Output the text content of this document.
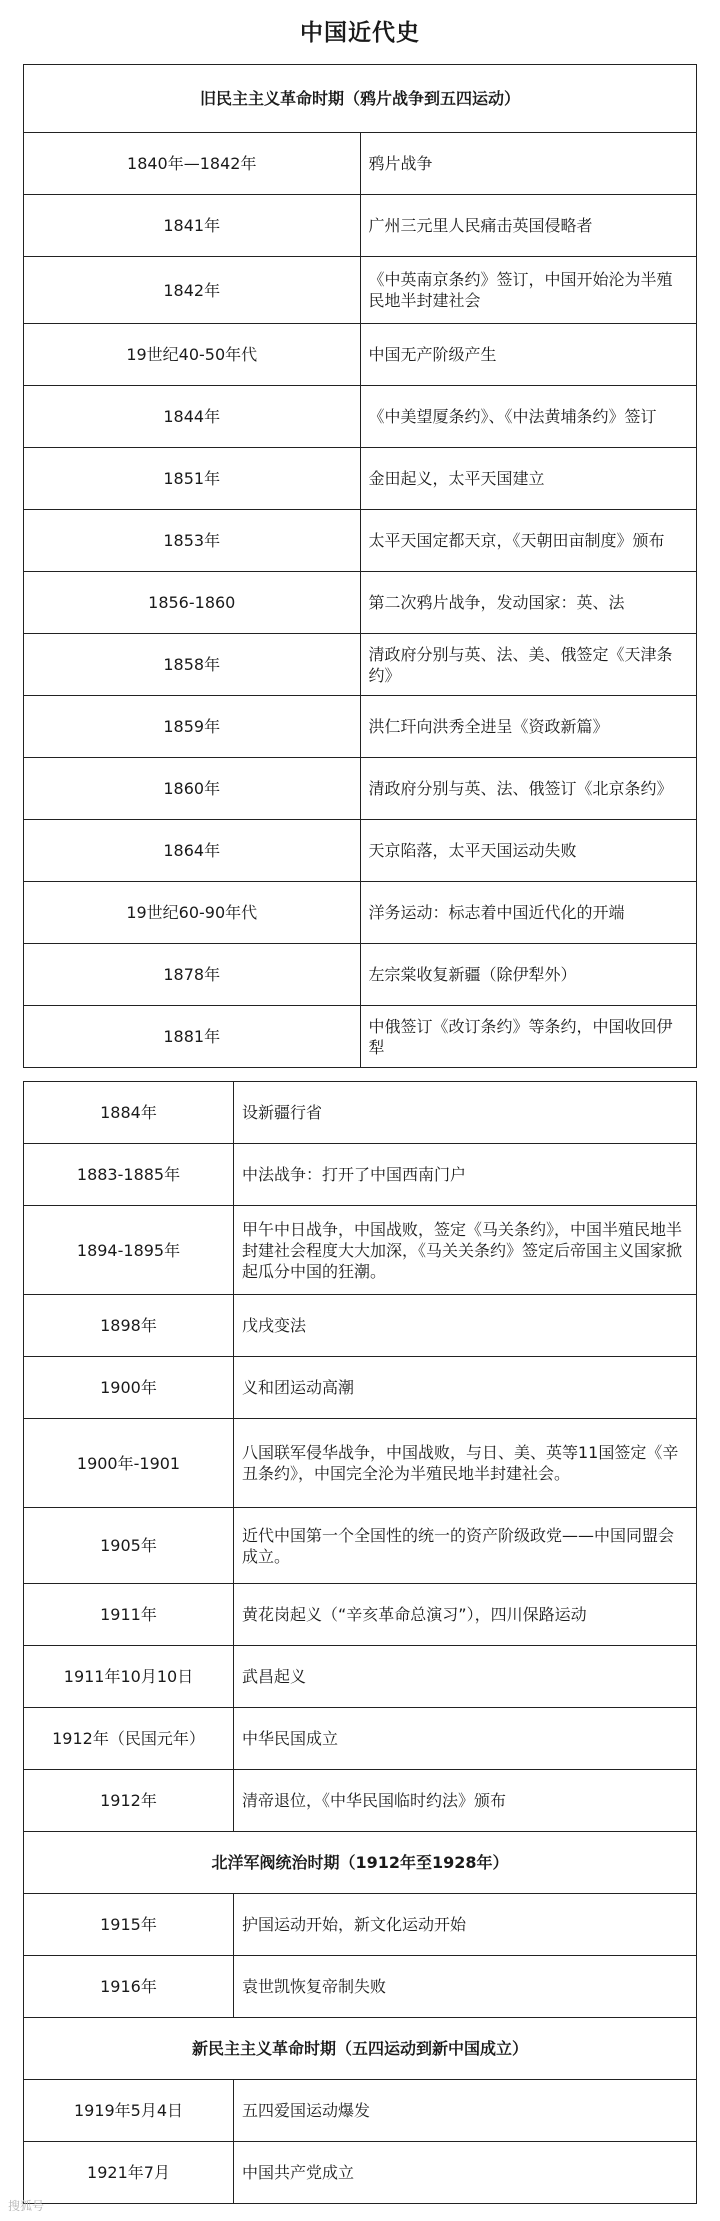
中国近代史
旧民主主义革命时期（鸦片战争到五四运动）	
1840年—1842年	鸦片战争
1841年	广州三元里人民痛击英国侵略者
1842年	《中英南京条约》签订，中国开始沦为半殖民地半封建社会
19世纪40-50年代	中国无产阶级产生
1844年	《中美望厦条约》、《中法黄埔条约》签订
1851年	金田起义，太平天国建立
1853年	太平天国定都天京，《天朝田亩制度》颁布
1856-1860	第二次鸦片战争，发动国家：英、法
1858年	清政府分别与英、法、美、俄签定《天津条约》
1859年	洪仁玕向洪秀全进呈《资政新篇》
1860年	清政府分别与英、法、俄签订《北京条约》
1864年	天京陷落，太平天国运动失败
19世纪60-90年代	洋务运动：标志着中国近代化的开端
1878年	左宗棠收复新疆（除伊犁外）
1881年	中俄签订《改订条约》等条约，中国收回伊犁
1884年	设新疆行省
1883-1885年	中法战争：打开了中国西南门户
1894-1895年	甲午中日战争，中国战败，签定《马关条约》，中国半殖民地半封建社会程度大大加深，《马关关条约》签定后帝国主义国家掀起瓜分中国的狂潮。
1898年	戊戌变法
1900年	义和团运动高潮
1900年-1901	八国联军侵华战争，中国战败，与日、美、英等11国签定《辛丑条约》，中国完全沦为半殖民地半封建社会。
1905年	近代中国第一个全国性的统一的资产阶级政党——中国同盟会成立。
1911年	黄花岗起义（“辛亥革命总演习”），四川保路运动
1911年10月10日	武昌起义
1912年（民国元年）	中华民国成立
1912年	清帝退位，《中华民国临时约法》颁布
北洋军阀统治时期（1912年至1928年）	
1915年	护国运动开始，新文化运动开始
1916年	袁世凯恢复帝制失败
新民主主义革命时期（五四运动到新中国成立）	
1919年5月4日	五四爱国运动爆发
1921年7月	中国共产党成立
搜狐号
